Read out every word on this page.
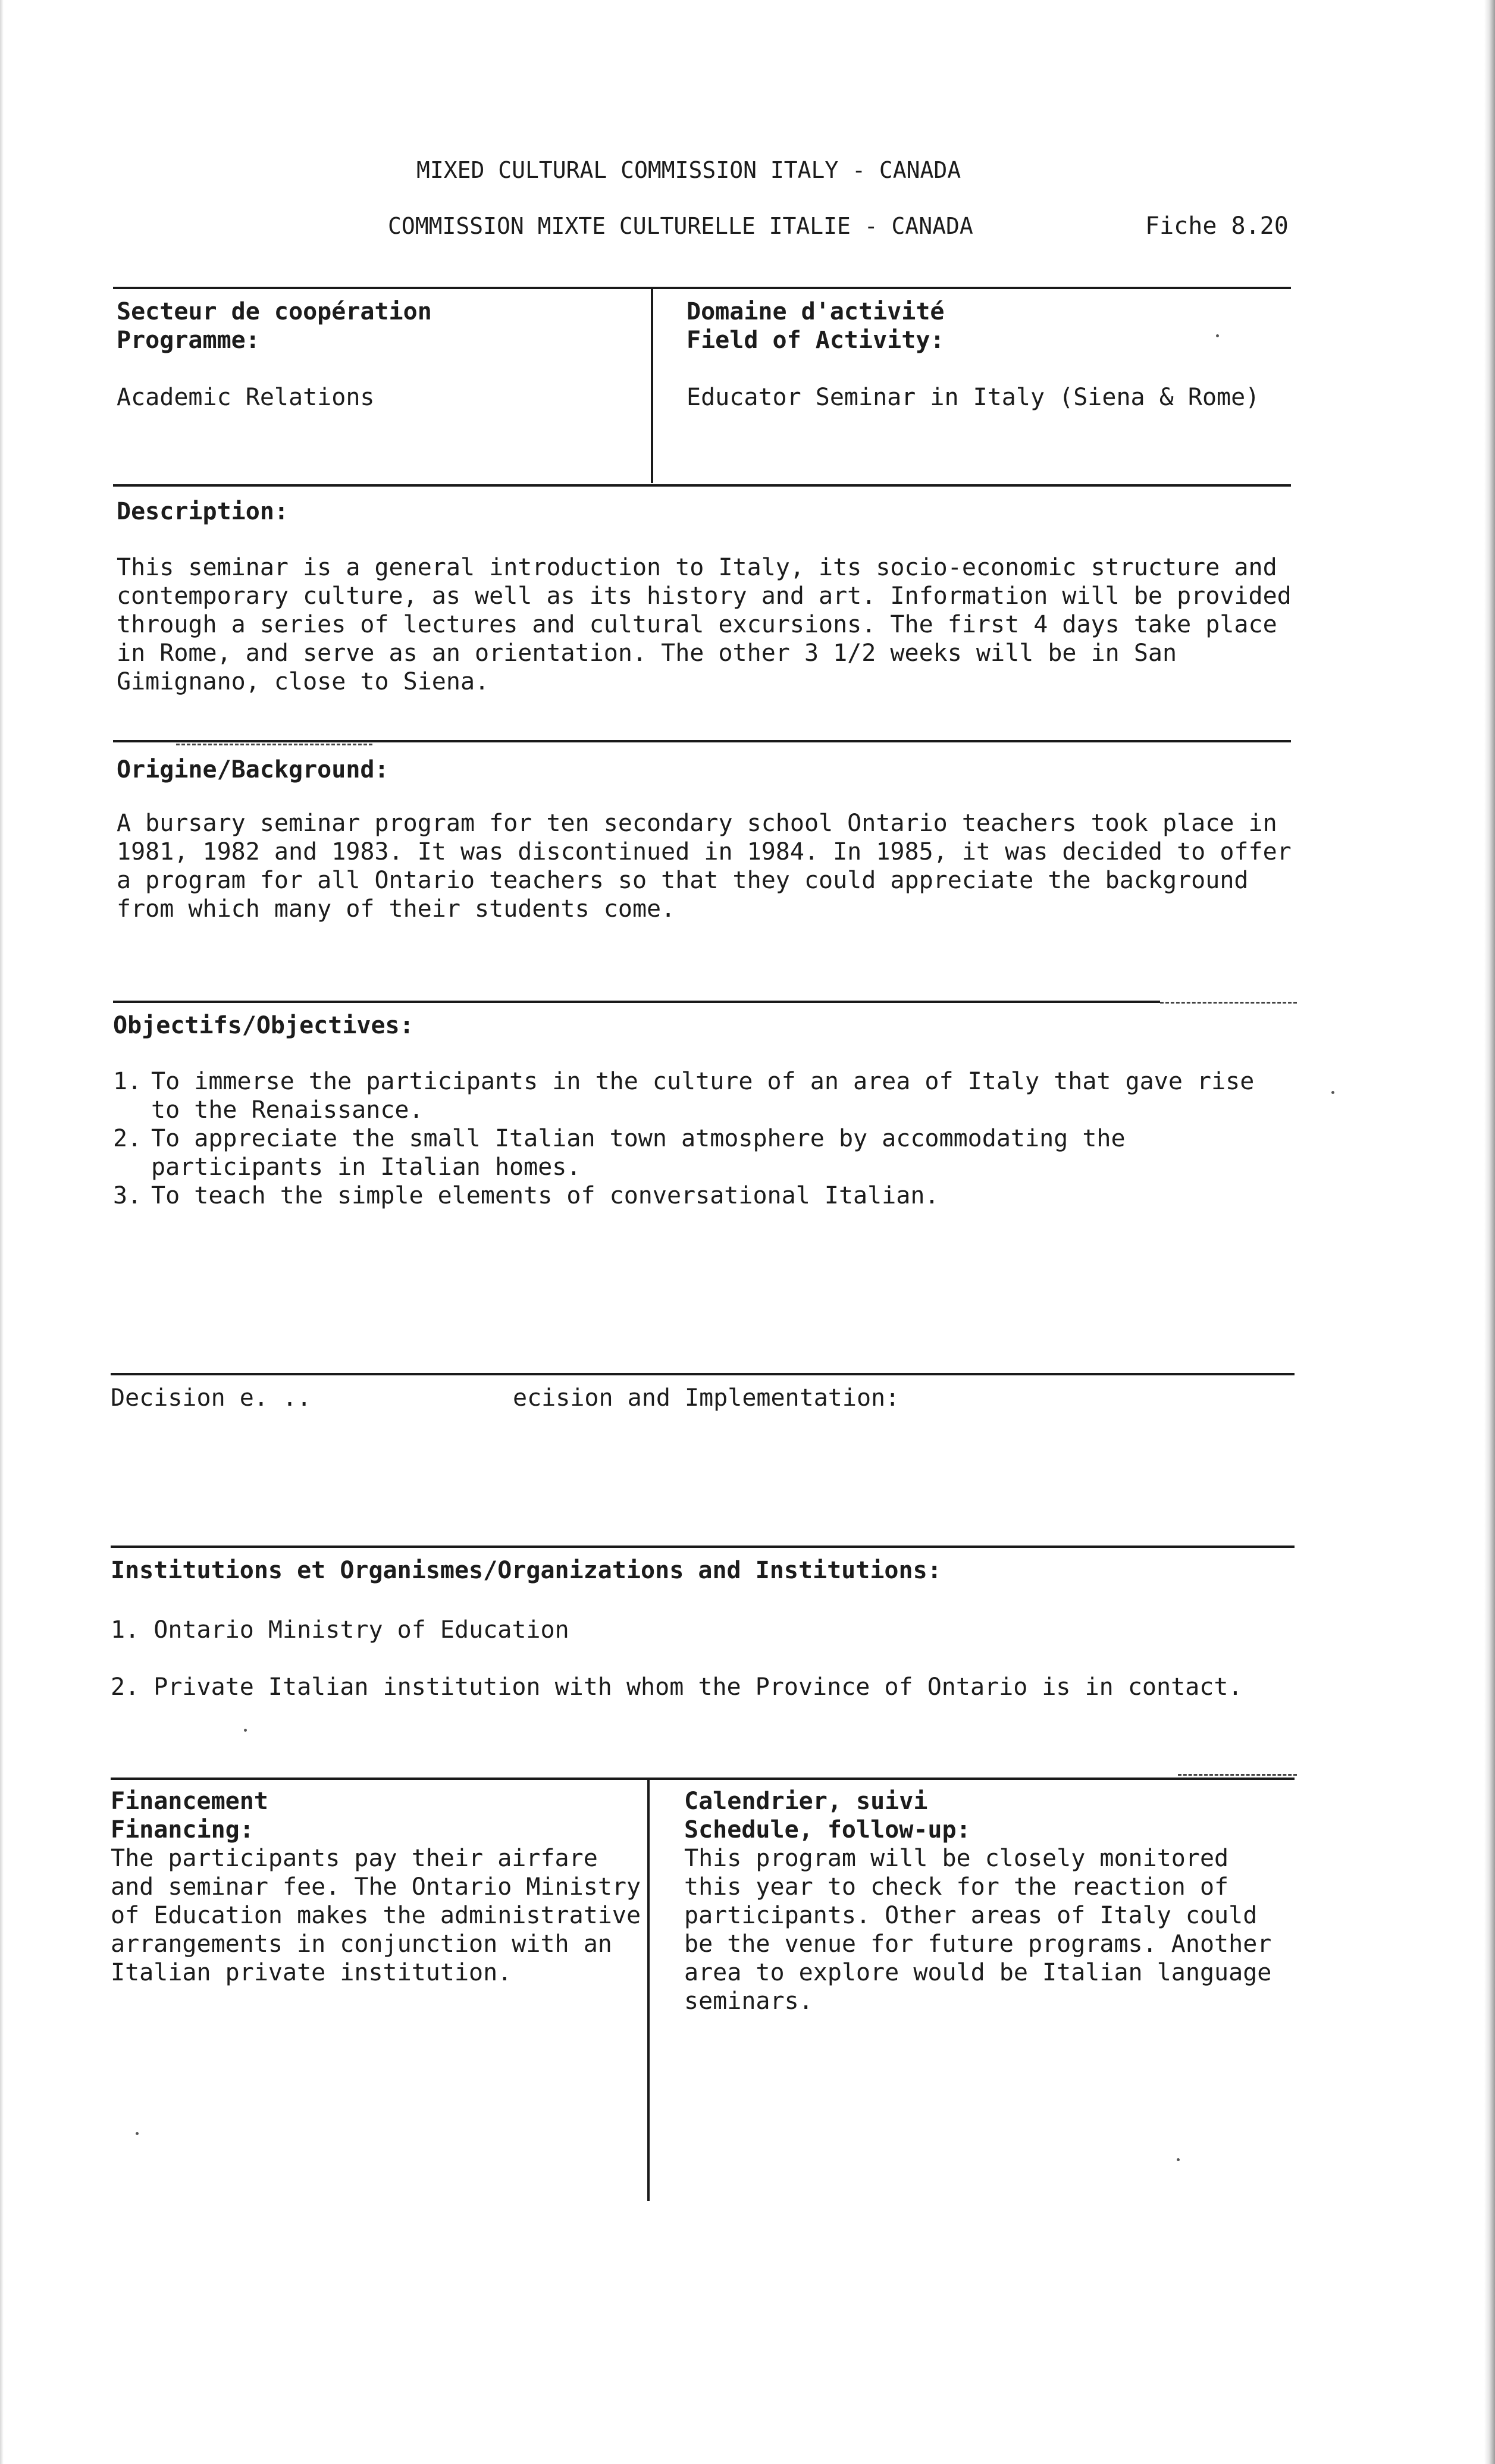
MIXED CULTURAL COMMISSION ITALY - CANADA
COMMISSION MIXTE CULTURELLE ITALIE - CANADA	Fiche 8.20
Secteur de coopération
Programme:
Academic Relations
Domaine d'activité
Field of Activity:
Educator Seminar in Italy (Siena & Rome)
Description:
This seminar is a general introduction to Italy, its socio-economic structure and
contemporary culture, as well as its history and art. Information will be provided
through a series of lectures and cultural excursions. The first 4 days take place
in Rome, and serve as an orientation. The other 3 1/2 weeks will be in San
Gimignano, close to Siena.
Origine/Background:
A bursary seminar program for ten secondary school Ontario teachers took place in
1981, 1982 and 1983. It was discontinued in 1984. In 1985, it was decided to offer
a program for all Ontario teachers so that they could appreciate the background
from which many of their students come.
Objectifs/Objectives:
1. To immerse the participants in the culture of an area of Italy that gave rise
to the Renaissance.
2. To appreciate the small Italian town atmosphere by accommodating the
participants in Italian homes.
3. To teach the simple elements of conversational Italian.
Decision e. ..	ecision and Implementation:
Institutions et Organismes/Organizations and Institutions:
1. Ontario Ministry of Education
2. Private Italian institution with whom the Province of Ontario is in contact.
Financement
Financing:
The participants pay their airfare
and seminar fee. The Ontario Ministry
of Education makes the administrative
arrangements in conjunction with an
Italian private institution.
Calendrier, suivi
Schedule, follow-up:
This program will be closely monitored
this year to check for the reaction of
participants. Other areas of Italy could
be the venue for future programs. Another
area to explore would be Italian language
seminars.
